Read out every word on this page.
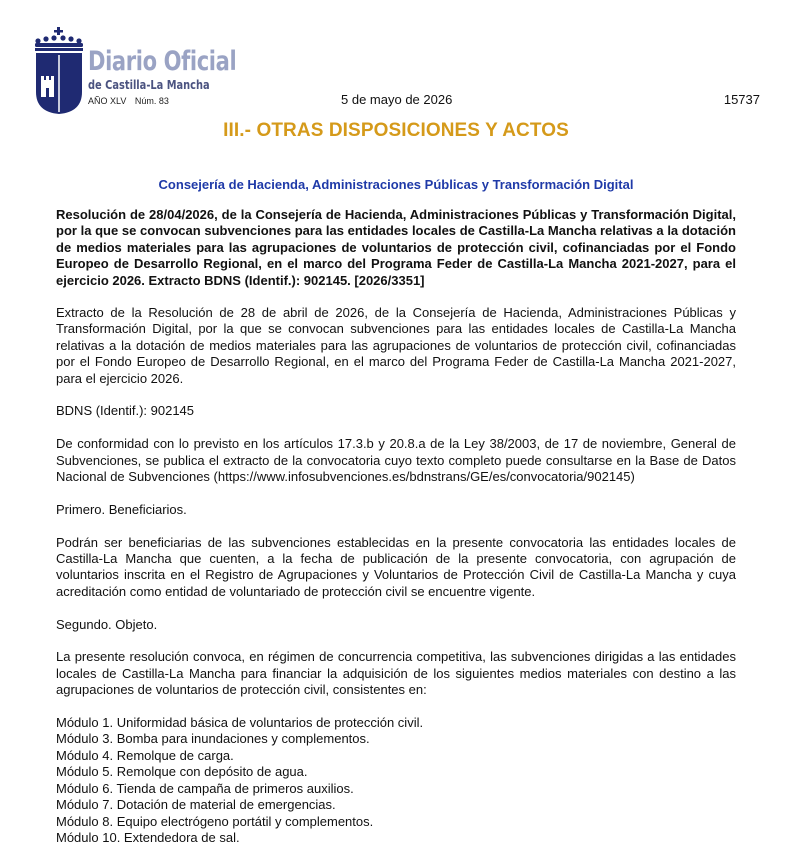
Diario Oficial
de Castilla-La Mancha
AÑO XLV Núm. 83	5 de mayo de 2026	15737
III.- OTRAS DISPOSICIONES Y ACTOS
Consejería de Hacienda, Administraciones Públicas y Transformación Digital

Resolución de 28/04/2026, de la Consejería de Hacienda, Administraciones Públicas y Transformación Digital, por la que se convocan subvenciones para las entidades locales de Castilla-La Mancha relativas a la dotación de medios materiales para las agrupaciones de voluntarios de protección civil, cofinanciadas por el Fondo Europeo de Desarrollo Regional, en el marco del Programa Feder de Castilla-La Mancha 2021-2027, para el ejercicio 2026. Extracto BDNS (Identif.): 902145. [2026/3351]

Extracto de la Resolución de 28 de abril de 2026, de la Consejería de Hacienda, Administraciones Públicas y Transformación Digital, por la que se convocan subvenciones para las entidades locales de Castilla-La Mancha relativas a la dotación de medios materiales para las agrupaciones de voluntarios de protección civil, cofinanciadas por el Fondo Europeo de Desarrollo Regional, en el marco del Programa Feder de Castilla-La Mancha 2021-2027, para el ejercicio 2026.

BDNS (Identif.): 902145

De conformidad con lo previsto en los artículos 17.3.b y 20.8.a de la Ley 38/2003, de 17 de noviembre, General de Subvenciones, se publica el extracto de la convocatoria cuyo texto completo puede consultarse en la Base de Datos Nacional de Subvenciones (https://www.infosubvenciones.es/bdnstrans/GE/es/convocatoria/902145)

Primero. Beneficiarios.

Podrán ser beneficiarias de las subvenciones establecidas en la presente convocatoria las entidades locales de Castilla-La Mancha que cuenten, a la fecha de publicación de la presente convocatoria, con agrupación de voluntarios inscrita en el Registro de Agrupaciones y Voluntarios de Protección Civil de Castilla-La Mancha y cuya acreditación como entidad de voluntariado de protección civil se encuentre vigente.

Segundo. Objeto.

La presente resolución convoca, en régimen de concurrencia competitiva, las subvenciones dirigidas a las entidades locales de Castilla-La Mancha para financiar la adquisición de los siguientes medios materiales con destino a las agrupaciones de voluntarios de protección civil, consistentes en:

Módulo 1. Uniformidad básica de voluntarios de protección civil.
Módulo 3. Bomba para inundaciones y complementos.
Módulo 4. Remolque de carga.
Módulo 5. Remolque con depósito de agua.
Módulo 6. Tienda de campaña de primeros auxilios.
Módulo 7. Dotación de material de emergencias.
Módulo 8. Equipo electrógeno portátil y complementos.
Módulo 10. Extendedora de sal.
